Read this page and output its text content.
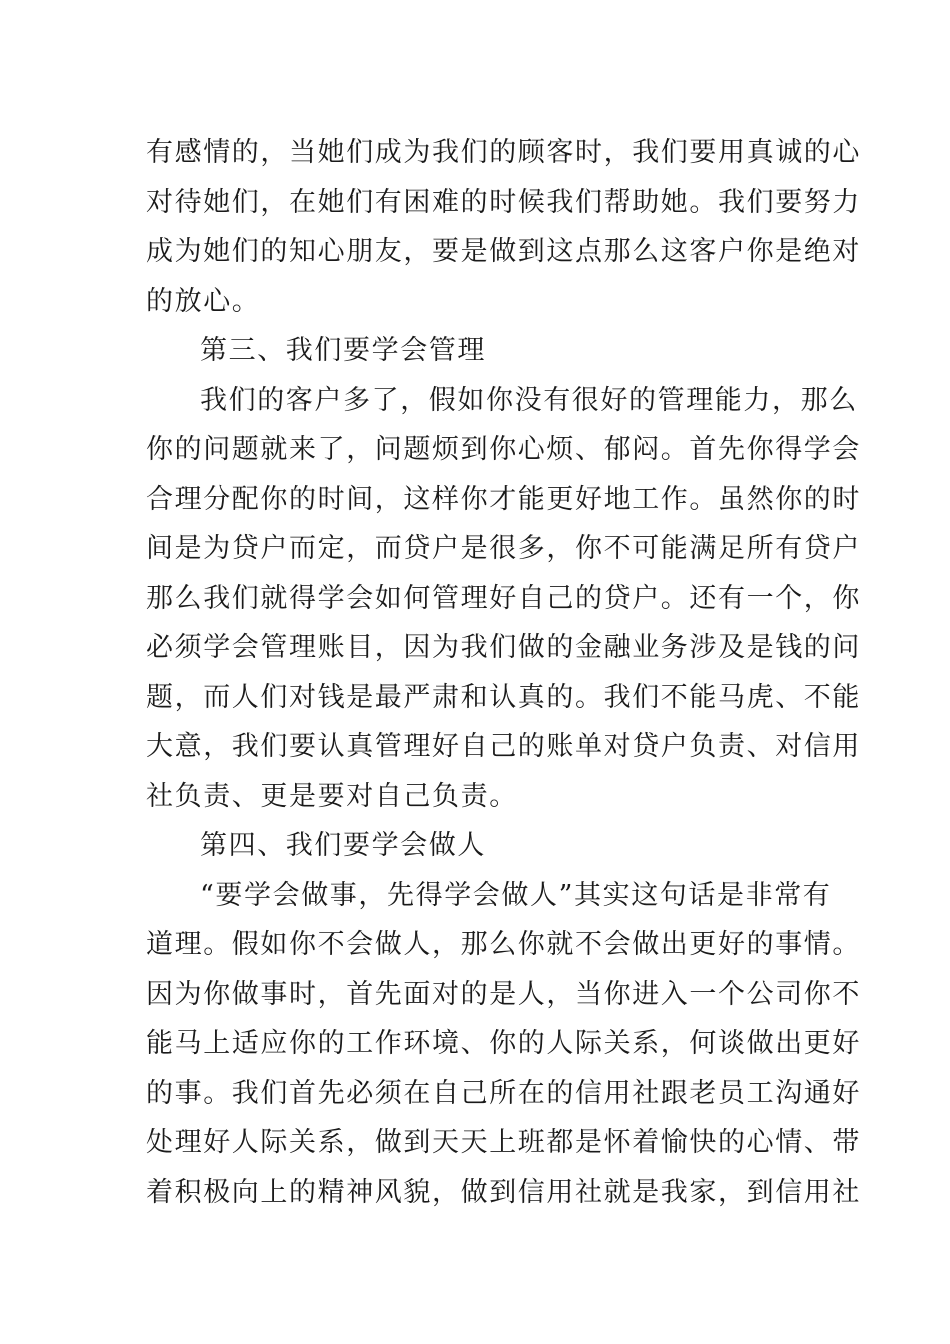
有感情的，当她们成为我们的顾客时，我们要用真诚的心
对待她们，在她们有困难的时候我们帮助她。我们要努力
成为她们的知心朋友，要是做到这点那么这客户你是绝对
的放心。
第三、我们要学会管理
我们的客户多了，假如你没有很好的管理能力，那么
你的问题就来了，问题烦到你心烦、郁闷。首先你得学会
合理分配你的时间，这样你才能更好地工作。虽然你的时
间是为贷户而定，而贷户是很多，你不可能满足所有贷户
那么我们就得学会如何管理好自己的贷户。还有一个，你
必须学会管理账目，因为我们做的金融业务涉及是钱的问
题，而人们对钱是最严肃和认真的。我们不能马虎、不能
大意，我们要认真管理好自己的账单对贷户负责、对信用
社负责、更是要对自己负责。
第四、我们要学会做人
“要学会做事，先得学会做人”其实这句话是非常有
道理。假如你不会做人，那么你就不会做出更好的事情。
因为你做事时，首先面对的是人，当你进入一个公司你不
能马上适应你的工作环境、你的人际关系，何谈做出更好
的事。我们首先必须在自己所在的信用社跟老员工沟通好
处理好人际关系，做到天天上班都是怀着愉快的心情、带
着积极向上的精神风貌，做到信用社就是我家，到信用社
